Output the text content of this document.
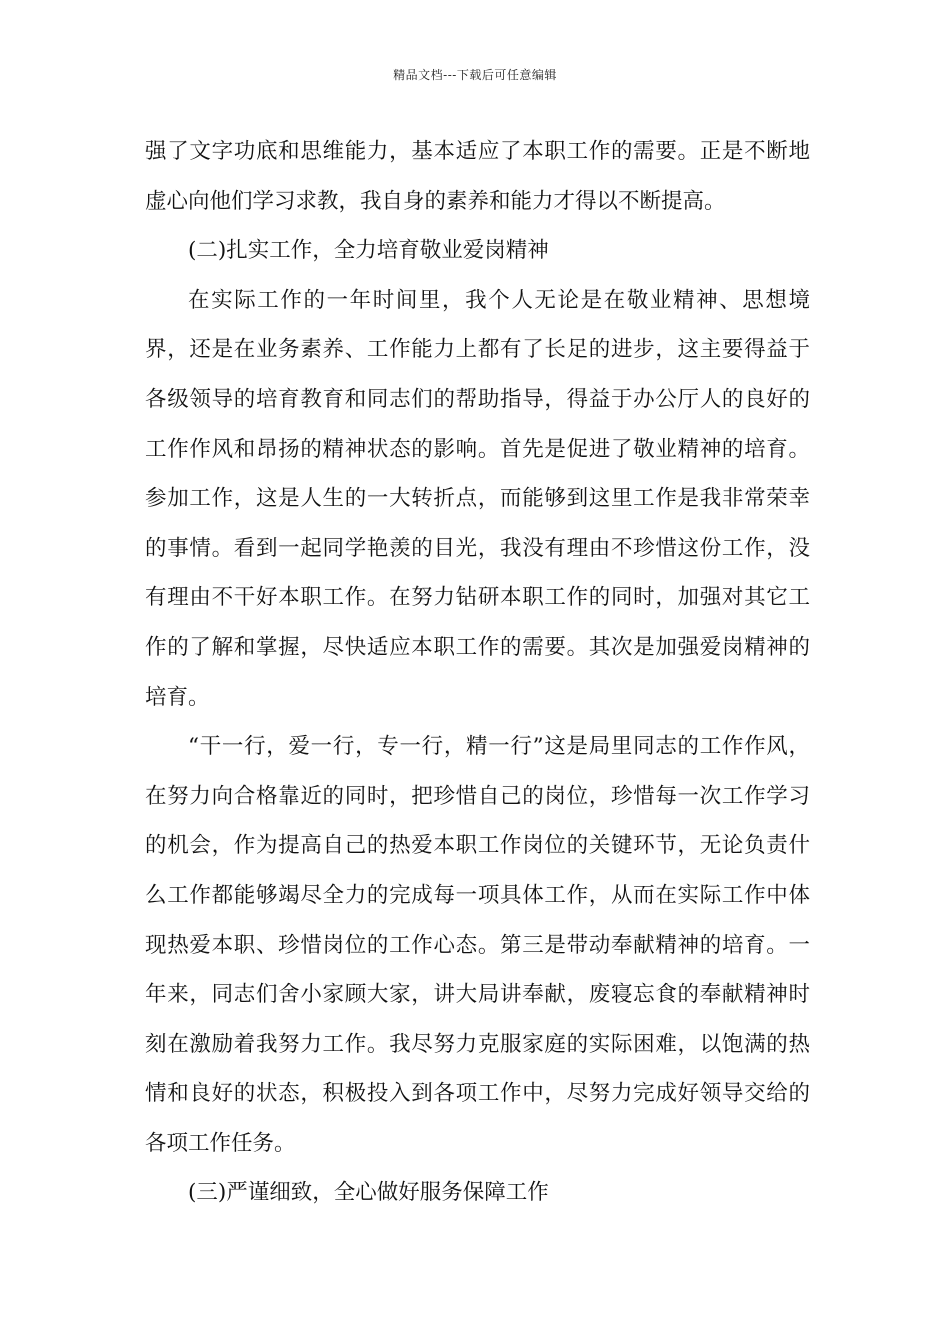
精品文档---下载后可任意编辑

强了文字功底和思维能力，基本适应了本职工作的需要。正是不断地虚心向他们学习求教，我自身的素养和能力才得以不断提高。

(二)扎实工作，全力培育敬业爱岗精神

在实际工作的一年时间里，我个人无论是在敬业精神、思想境界，还是在业务素养、工作能力上都有了长足的进步，这主要得益于各级领导的培育教育和同志们的帮助指导，得益于办公厅人的良好的工作作风和昂扬的精神状态的影响。首先是促进了敬业精神的培育。参加工作，这是人生的一大转折点，而能够到这里工作是我非常荣幸的事情。看到一起同学艳羡的目光，我没有理由不珍惜这份工作，没有理由不干好本职工作。在努力钻研本职工作的同时，加强对其它工作的了解和掌握，尽快适应本职工作的需要。其次是加强爱岗精神的培育。

“干一行，爱一行，专一行，精一行”这是局里同志的工作作风，在努力向合格靠近的同时，把珍惜自己的岗位，珍惜每一次工作学习的机会，作为提高自己的热爱本职工作岗位的关键环节，无论负责什么工作都能够竭尽全力的完成每一项具体工作，从而在实际工作中体现热爱本职、珍惜岗位的工作心态。第三是带动奉献精神的培育。一年来，同志们舍小家顾大家，讲大局讲奉献，废寝忘食的奉献精神时刻在激励着我努力工作。我尽努力克服家庭的实际困难，以饱满的热情和良好的状态，积极投入到各项工作中，尽努力完成好领导交给的各项工作任务。

(三)严谨细致，全心做好服务保障工作
